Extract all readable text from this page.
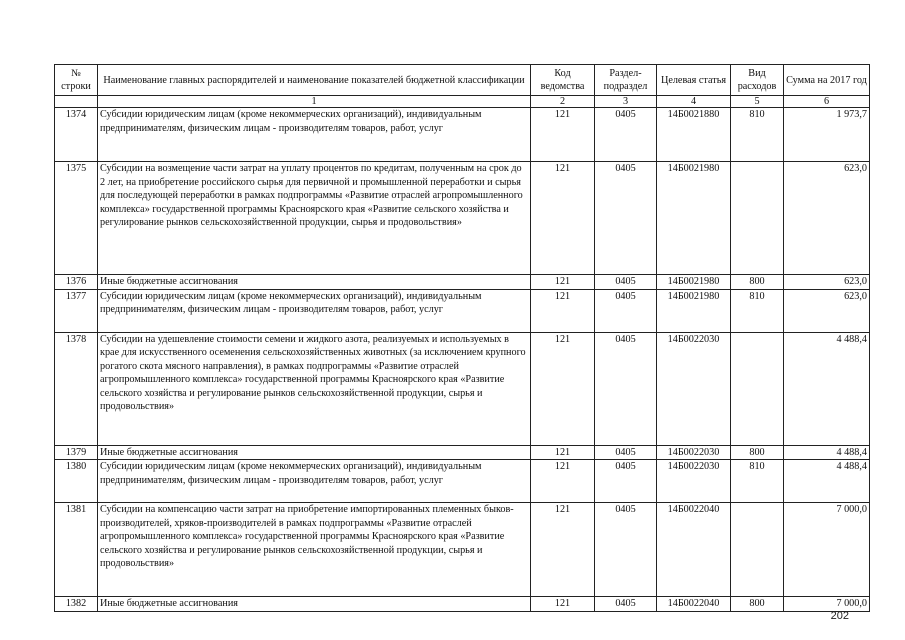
№ строки	Наименование главных распорядителей и наименование показателей бюджетной классификации	Код ведомства	Раздел-подраздел	Целевая статья	Вид расходов	Сумма на 2017 год
	1	2	3	4	5	6
1374	Субсидии юридическим лицам (кроме некоммерческих организаций), индивидуальным предпринимателям, физическим лицам - производителям товаров, работ, услуг	121	0405	14Б0021880	810	1 973,7
1375	Субсидии на возмещение части затрат на уплату процентов по кредитам, полученным на срок до 2 лет, на приобретение российского сырья для первичной и промышленной переработки и сырья для последующей переработки в рамках подпрограммы «Развитие отраслей агропромышленного комплекса» государственной программы Красноярского края «Развитие сельского хозяйства и регулирование рынков сельскохозяйственной продукции, сырья и продовольствия»	121	0405	14Б0021980		623,0
1376	Иные бюджетные ассигнования	121	0405	14Б0021980	800	623,0
1377	Субсидии юридическим лицам (кроме некоммерческих организаций), индивидуальным предпринимателям, физическим лицам - производителям товаров, работ, услуг	121	0405	14Б0021980	810	623,0
1378	Субсидии на удешевление стоимости семени и жидкого азота, реализуемых и используемых в крае для искусственного осеменения сельскохозяйственных животных (за исключением крупного рогатого скота мясного направления), в рамках подпрограммы «Развитие отраслей агропромышленного комплекса» государственной программы Красноярского края «Развитие сельского хозяйства и регулирование рынков сельскохозяйственной продукции, сырья и продовольствия»	121	0405	14Б0022030		4 488,4
1379	Иные бюджетные ассигнования	121	0405	14Б0022030	800	4 488,4
1380	Субсидии юридическим лицам (кроме некоммерческих организаций), индивидуальным предпринимателям, физическим лицам - производителям товаров, работ, услуг	121	0405	14Б0022030	810	4 488,4
1381	Субсидии на компенсацию части затрат на приобретение импортированных племенных быков-производителей, хряков-производителей в рамках подпрограммы «Развитие отраслей агропромышленного комплекса» государственной программы Красноярского края «Развитие сельского хозяйства и регулирование рынков сельскохозяйственной продукции, сырья и продовольствия»	121	0405	14Б0022040		7 000,0
1382	Иные бюджетные ассигнования	121	0405	14Б0022040	800	7 000,0
202
